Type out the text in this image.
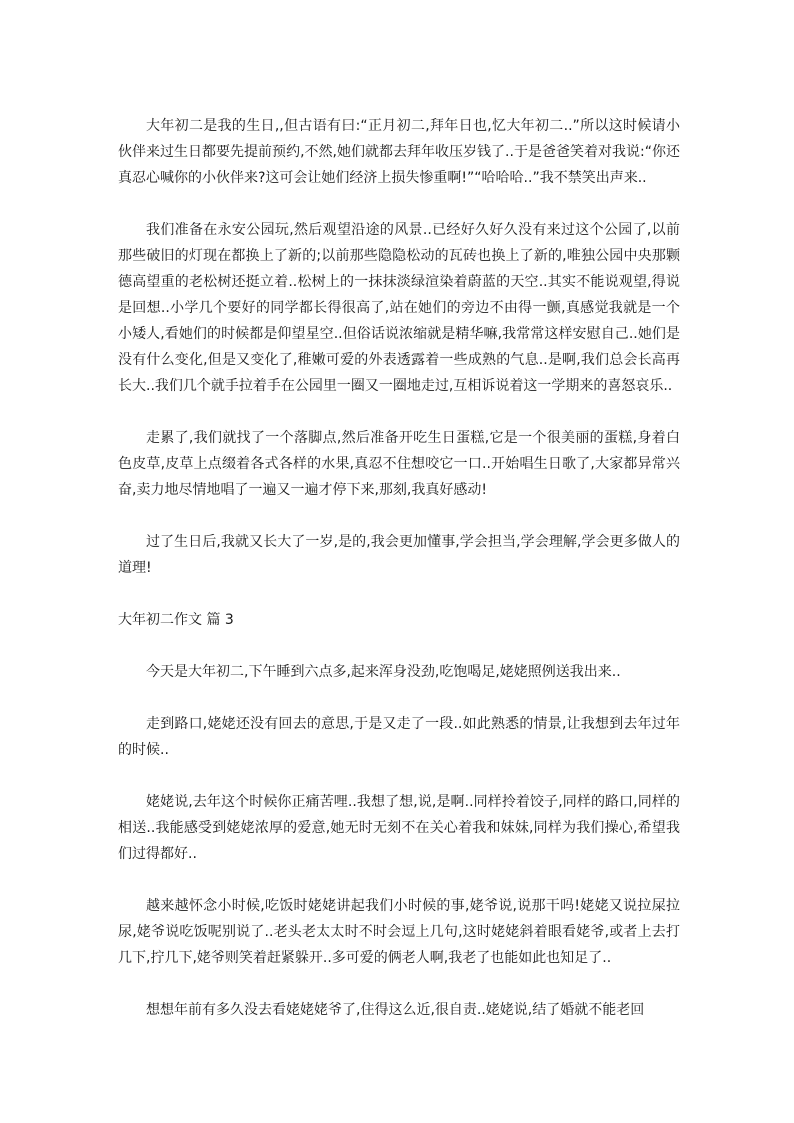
大年初二是我的生日,,但古语有曰:“正月初二,拜年日也,忆大年初二..”所以这时候请小伙伴来过生日都要先提前预约,不然,她们就都去拜年收压岁钱了..于是爸爸笑着对我说:“你还真忍心喊你的小伙伴来?这可会让她们经济上损失惨重啊!”“哈哈哈..”我不禁笑出声来..

我们准备在永安公园玩,然后观望沿途的风景..已经好久好久没有来过这个公园了,以前那些破旧的灯现在都换上了新的;以前那些隐隐松动的瓦砖也换上了新的,唯独公园中央那颗德高望重的老松树还挺立着..松树上的一抹抹淡绿渲染着蔚蓝的天空..其实不能说观望,得说是回想..小学几个要好的同学都长得很高了,站在她们的旁边不由得一颤,真感觉我就是一个小矮人,看她们的时候都是仰望星空..但俗话说浓缩就是精华嘛,我常常这样安慰自己..她们是没有什么变化,但是又变化了,稚嫩可爱的外表透露着一些成熟的气息..是啊,我们总会长高再长大..我们几个就手拉着手在公园里一圈又一圈地走过,互相诉说着这一学期来的喜怒哀乐..

走累了,我们就找了一个落脚点,然后准备开吃生日蛋糕,它是一个很美丽的蛋糕,身着白色皮草,皮草上点缀着各式各样的水果,真忍不住想咬它一口..开始唱生日歌了,大家都异常兴奋,卖力地尽情地唱了一遍又一遍才停下来,那刻,我真好感动!

过了生日后,我就又长大了一岁,是的,我会更加懂事,学会担当,学会理解,学会更多做人的道理!

大年初二作文 篇 3

今天是大年初二,下午睡到六点多,起来浑身没劲,吃饱喝足,姥姥照例送我出来..

走到路口,姥姥还没有回去的意思,于是又走了一段..如此熟悉的情景,让我想到去年过年的时候..

姥姥说,去年这个时候你正痛苦哩..我想了想,说,是啊..同样拎着饺子,同样的路口,同样的相送..我能感受到姥姥浓厚的爱意,她无时无刻不在关心着我和妹妹,同样为我们操心,希望我们过得都好..

越来越怀念小时候,吃饭时姥姥讲起我们小时候的事,姥爷说,说那干吗!姥姥又说拉屎拉尿,姥爷说吃饭呢别说了..老头老太太时不时会逗上几句,这时姥姥斜着眼看姥爷,或者上去打几下,拧几下,姥爷则笑着赶紧躲开..多可爱的俩老人啊,我老了也能如此也知足了..

想想年前有多久没去看姥姥姥爷了,住得这么近,很自责..姥姥说,结了婚就不能老回
